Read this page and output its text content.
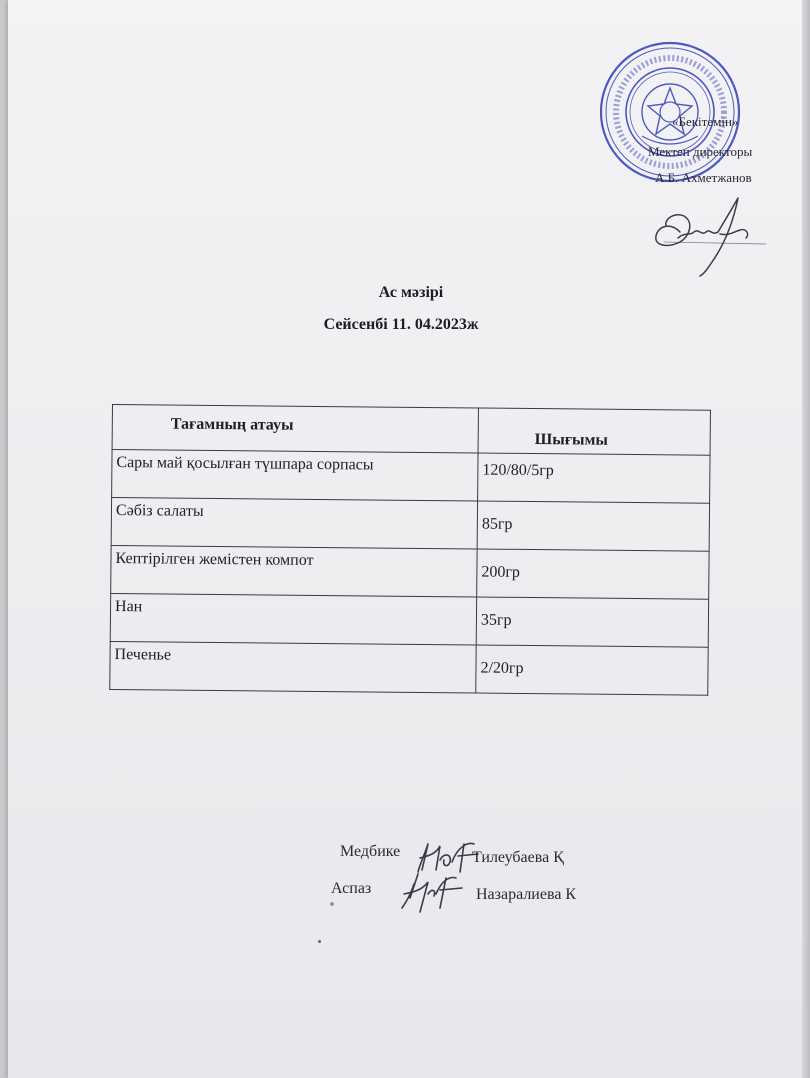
«Бекітемін»
Мектеп директоры
А.Б. Ахметжанов
Ас мәзірі
Сейсенбі 11. 04.2023ж
Тағамның атауы	Шығымы

Сары май қосылған түшпара сорпасы	120/80/5гр

Сәбіз салаты	85гр

Кептірілген жемістен компот	200гр

Нан	35гр

Печенье	2/20гр
Медбике	Тилеубаева Қ
Аспаз	Назаралиева К
